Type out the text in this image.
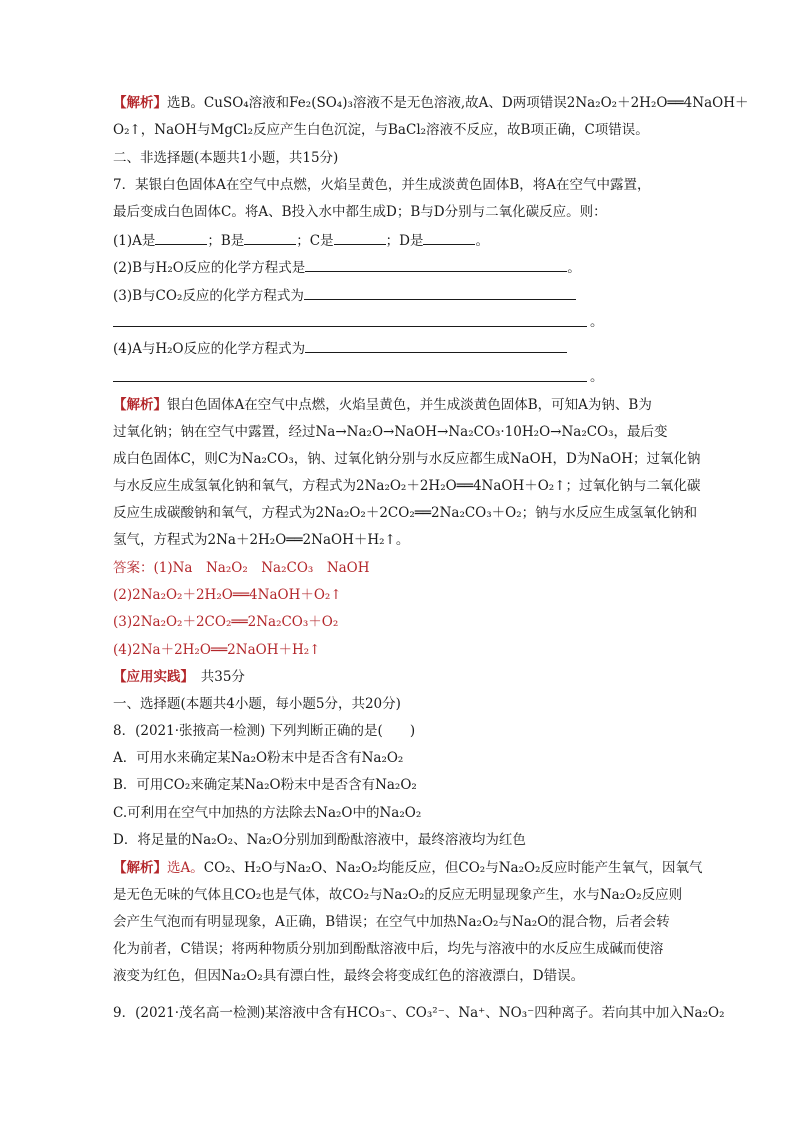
【解析】选B。CuSO₄溶液和Fe₂(SO₄)₃溶液不是无色溶液,故A、D两项错误2Na₂O₂＋2H₂O══4NaOH＋
O₂↑，NaOH与MgCl₂反应产生白色沉淀，与BaCl₂溶液不反应，故B项正确，C项错误。
二、非选择题(本题共1小题，共15分)
7．某银白色固体A在空气中点燃，火焰呈黄色，并生成淡黄色固体B，将A在空气中露置，
最后变成白色固体C。将A、B投入水中都生成D；B与D分别与二氧化碳反应。则：
(1)A是	；B是	；C是	；D是	。
(2)B与H₂O反应的化学方程式是	。
(3)B与CO₂反应的化学方程式为
。
(4)A与H₂O反应的化学方程式为
。
【解析】银白色固体A在空气中点燃，火焰呈黄色，并生成淡黄色固体B，可知A为钠、B为
过氧化钠；钠在空气中露置，经过Na→Na₂O→NaOH→Na₂CO₃·10H₂O→Na₂CO₃，最后变
成白色固体C，则C为Na₂CO₃，钠、过氧化钠分别与水反应都生成NaOH，D为NaOH；过氧化钠
与水反应生成氢氧化钠和氧气，方程式为2Na₂O₂＋2H₂O══4NaOH＋O₂↑；过氧化钠与二氧化碳
反应生成碳酸钠和氧气，方程式为2Na₂O₂＋2CO₂══2Na₂CO₃＋O₂；钠与水反应生成氢氧化钠和
氢气，方程式为2Na＋2H₂O══2NaOH＋H₂↑。
答案：(1)Na　Na₂O₂　Na₂CO₃　NaOH
(2)2Na₂O₂＋2H₂O══4NaOH＋O₂↑
(3)2Na₂O₂＋2CO₂══2Na₂CO₃＋O₂
(4)2Na＋2H₂O══2NaOH＋H₂↑
【应用实践】　共35分
一、选择题(本题共4小题，每小题5分，共20分)
8．(2021·张掖高一检测) 下列判断正确的是(　　)
A．可用水来确定某Na₂O粉末中是否含有Na₂O₂
B．可用CO₂来确定某Na₂O粉末中是否含有Na₂O₂
C.可利用在空气中加热的方法除去Na₂O中的Na₂O₂
D．将足量的Na₂O₂、Na₂O分别加到酚酞溶液中，最终溶液均为红色
【解析】选A。CO₂、H₂O与Na₂O、Na₂O₂均能反应，但CO₂与Na₂O₂反应时能产生氧气，因氧气
是无色无味的气体且CO₂也是气体，故CO₂与Na₂O₂的反应无明显现象产生，水与Na₂O₂反应则
会产生气泡而有明显现象，A正确，B错误；在空气中加热Na₂O₂与Na₂O的混合物，后者会转
化为前者，C错误；将两种物质分别加到酚酞溶液中后，均先与溶液中的水反应生成碱而使溶
液变为红色，但因Na₂O₂具有漂白性，最终会将变成红色的溶液漂白，D错误。
9．(2021·茂名高一检测)某溶液中含有HCO₃⁻、CO₃²⁻、Na⁺、NO₃⁻四种离子。若向其中加入Na₂O₂
